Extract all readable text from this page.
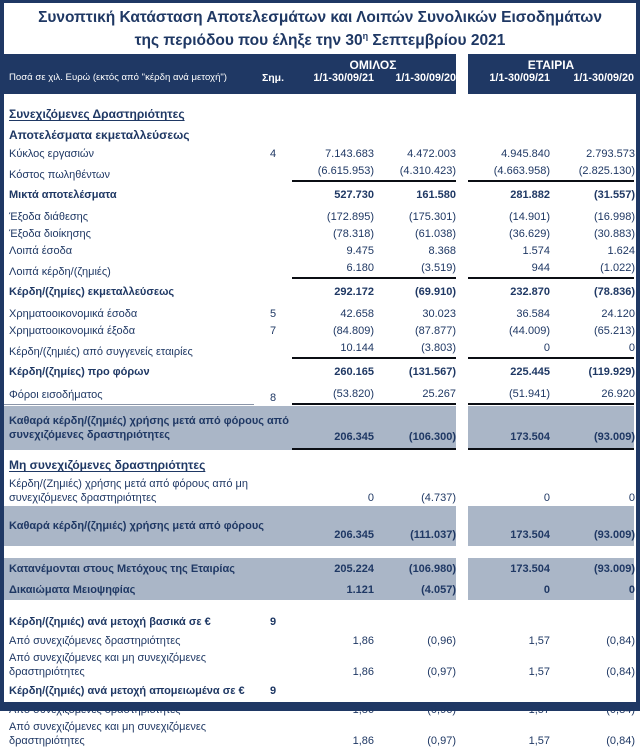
Συνοπτική Κατάσταση Αποτελεσμάτων και Λοιπών Συνολικών Εισοδημάτων
της περιόδου που έληξε την $30^\eta$ Σεπτεμβρίου 2021
ΟΜΙΛΟΣ
Ποσά σε χιλ. Ευρώ (εκτός από "κέρδη ανά μετοχή")	Σημ.	1/1-30/09/21	1/1-30/09/20
ΕΤΑΙΡΙΑ
1/1-30/09/21	1/1-30/09/20
Συνεχιζόμενες Δραστηριότητες
Αποτελέσματα εκμεταλλεύσεως
Κύκλος εργασιών	4	7.143.683	4.472.003	4.945.840	2.793.573
Κόστος πωληθέντων	(6.615.953)	(4.310.423)	(4.663.958)	(2.825.130)
Μικτά αποτελέσματα	527.730	161.580	281.882	(31.557)
Έξοδα διάθεσης	(172.895)	(175.301)	(14.901)	(16.998)
Έξοδα διοίκησης	(78.318)	(61.038)	(36.629)	(30.883)
Λοιπά έσοδα	9.475	8.368	1.574	1.624
Λοιπά κέρδη/(ζημιές)	6.180	(3.519)	944	(1.022)
Κέρδη/(ζημίες) εκμεταλλεύσεως	292.172	(69.910)	232.870	(78.836)
Χρηματοοικονομικά έσοδα	5	42.658	30.023	36.584	24.120
Χρηματοοικονομικά έξοδα	7	(84.809)	(87.877)	(44.009)	(65.213)
Κέρδη/(ζημιές) από συγγενείς εταιρίες	10.144	(3.803)	0	0
Κέρδη/(ζημίες) προ φόρων	260.165	(131.567)	225.445	(119.929)
Φόροι εισοδήματος	8	(53.820)	25.267	(51.941)	26.920
Καθαρά κέρδη/(ζημιές) χρήσης μετά από φόρους από συνεχιζόμενες δραστηριότητες	206.345	(106.300)	173.504	(93.009)
Μη συνεχιζόμενες δραστηριότητες
Κέρδη/(Ζημιές) χρήσης μετά από φόρους από μη συνεχιζόμενες δραστηριότητες	0	(4.737)	0	0
Καθαρά κέρδη/(ζημιές) χρήσης μετά από φόρους
206.345	(111.037)	173.504	(93.009)
Κατανέμονται στους Μετόχους της Εταιρίας	205.224	(106.980)	173.504	(93.009)
Δικαιώματα Μειοψηφίας	1.121	(4.057)	0	0
Κέρδη/(ζημιές) ανά μετοχή βασικά σε €	9
Από συνεχιζόμενες δραστηριότητες	1,86	(0,96)	1,57	(0,84)
Από συνεχιζόμενες και μη συνεχιζόμενες δραστηριότητες	1,86	(0,97)	1,57	(0,84)
Κέρδη/(ζημιές) ανά μετοχή απομειωμένα σε €	9
Από συνεχιζόμενες δραστηριότητες	1,86	(0,96)	1,57	(0,84)
Από συνεχιζόμενες και μη συνεχιζόμενες δραστηριότητες	1,86	(0,97)	1,57	(0,84)
